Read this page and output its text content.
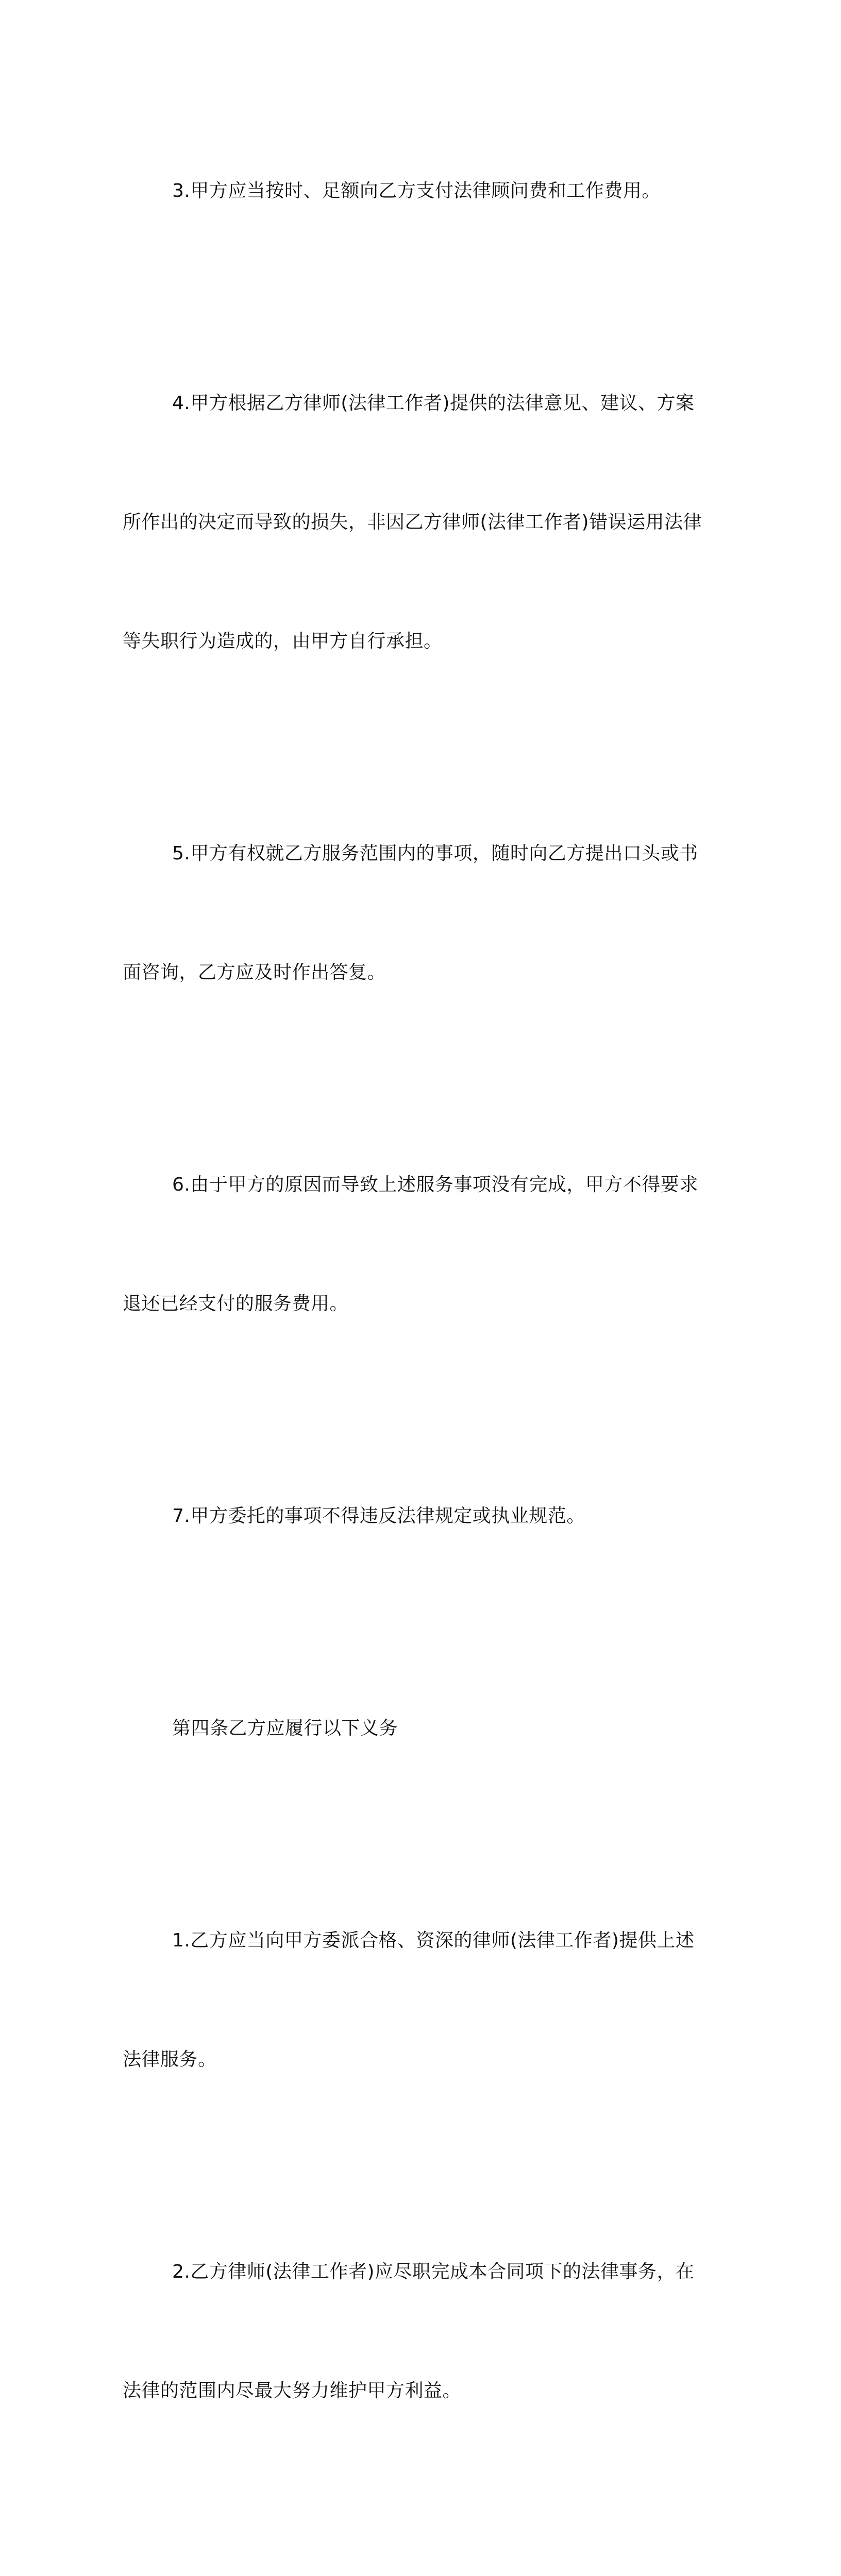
3.甲方应当按时、足额向乙方支付法律顾问费和工作费用。

4.甲方根据乙方律师(法律工作者)提供的法律意见、建议、方案

所作出的决定而导致的损失，非因乙方律师(法律工作者)错误运用法律

等失职行为造成的，由甲方自行承担。

5.甲方有权就乙方服务范围内的事项，随时向乙方提出口头或书

面咨询，乙方应及时作出答复。

6.由于甲方的原因而导致上述服务事项没有完成，甲方不得要求

退还已经支付的服务费用。

7.甲方委托的事项不得违反法律规定或执业规范。

第四条乙方应履行以下义务

1.乙方应当向甲方委派合格、资深的律师(法律工作者)提供上述

法律服务。

2.乙方律师(法律工作者)应尽职完成本合同项下的法律事务，在

法律的范围内尽最大努力维护甲方利益。
